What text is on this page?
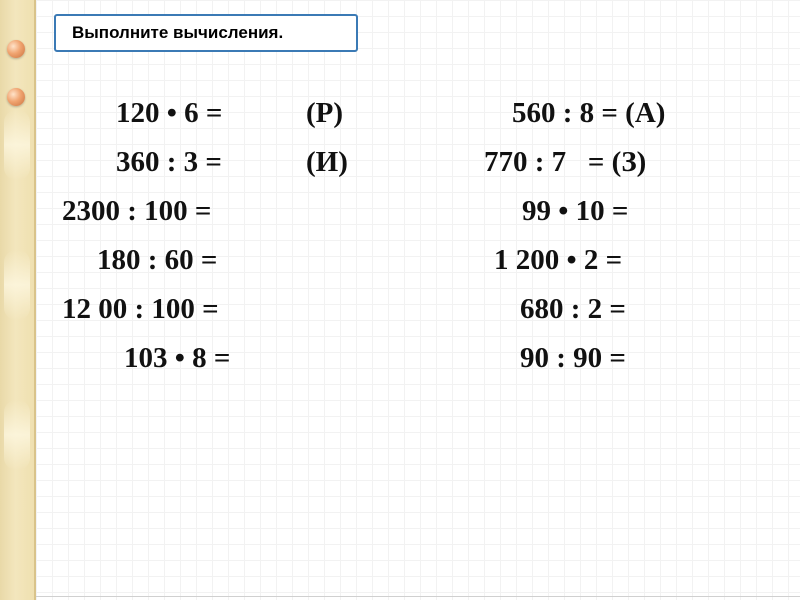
Выполните вычисления.
120 • 6 =
360 : 3 =
2300 : 100 =
180 : 60 =
12 00 : 100 =
103 • 8 =
(Р)
(И)
560 : 8 = (А)
770 : 7   = (З)
99 • 10 =
1 200 • 2 =
680 : 2 =
90 : 90 =
